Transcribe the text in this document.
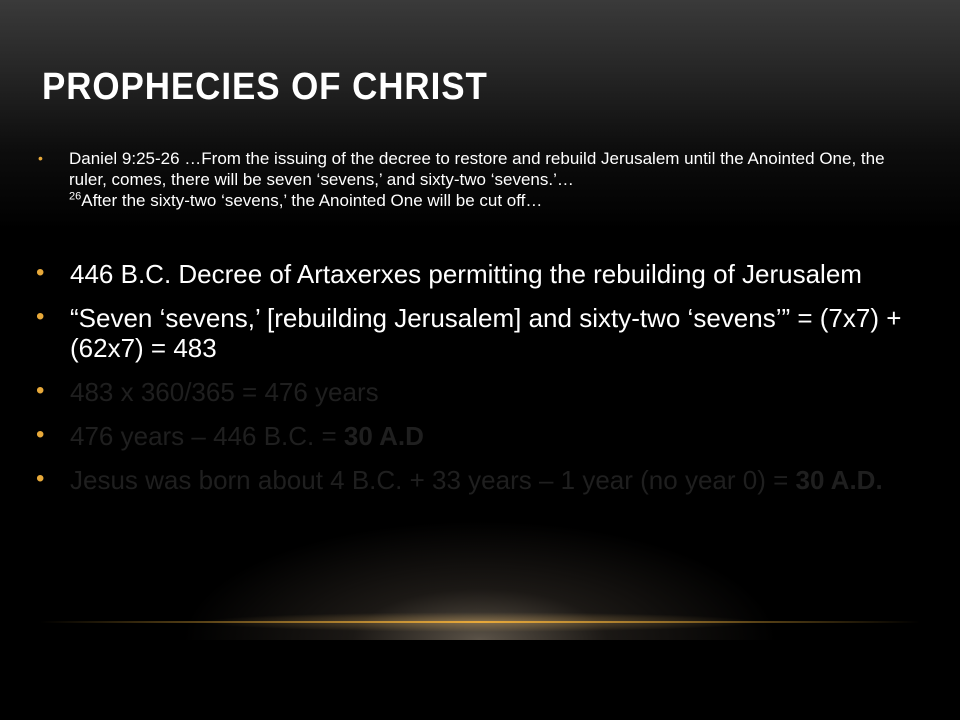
PROPHECIES OF CHRIST
• Daniel 9:25-26 …From the issuing of the decree to restore and rebuild Jerusalem until the Anointed One, the ruler, comes, there will be seven ‘sevens,’ and sixty-two ‘sevens.’…
$^{26}$After the sixty-two ‘sevens,’ the Anointed One will be cut off…
• 446 B.C. Decree of Artaxerxes permitting the rebuilding of Jerusalem
• “Seven ‘sevens,’ [rebuilding Jerusalem] and sixty-two ‘sevens’” = (7x7) + (62x7) = 483
• 483 x 360/365 = 476 years
• 476 years – 446 B.C. = 30 A.D
• Jesus was born about 4 B.C. + 33 years – 1 year (no year 0) = 30 A.D.
